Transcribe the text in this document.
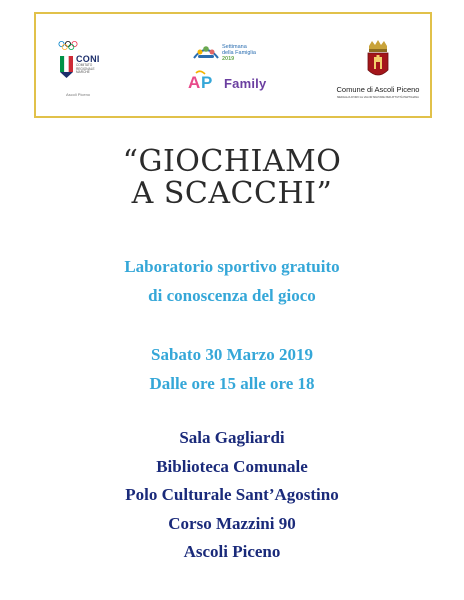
CONI
COMITATO REGIONALE MARCHE
Ascoli Piceno
Settimana
della Famiglia
2019
A P Family	Comune di Ascoli Piceno
MEDAGLIA D'ORO AL VALOR MILITARE PER ATTIVITÀ PARTIGIANA
“GIOCHIAMO
A SCACCHI”
Laboratorio sportivo gratuito
di conoscenza del gioco
Sabato 30 Marzo 2019
Dalle ore 15 alle ore 18
Sala Gagliardi
Biblioteca Comunale
Polo Culturale Sant’Agostino
Corso Mazzini 90
Ascoli Piceno
